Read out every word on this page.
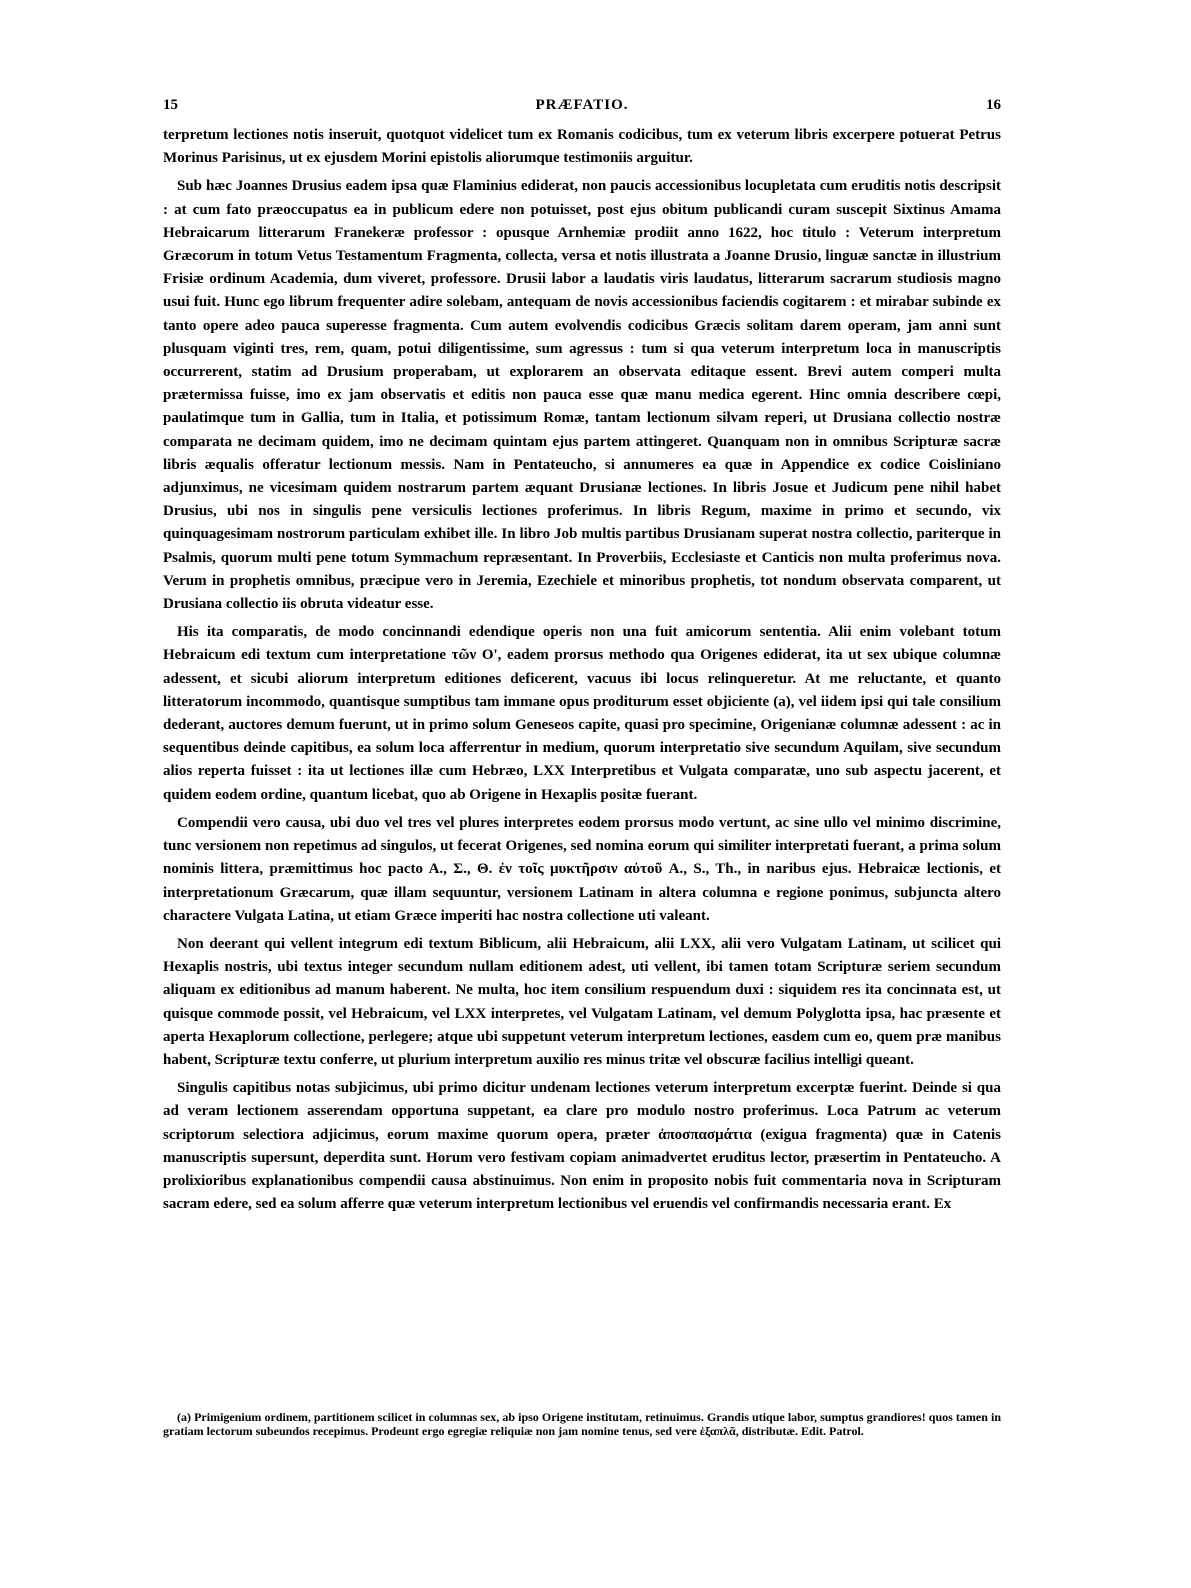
15	PRÆFATIO.	16

terpretum lectiones notis inseruit, quotquot videlicet tum ex Romanis codicibus, tum ex veterum libris excerpere potuerat Petrus Morinus Parisinus, ut ex ejusdem Morini epistolis aliorumque testimoniis arguitur.

Sub hæc Joannes Drusius eadem ipsa quæ Flaminius ediderat, non paucis accessionibus locupletata cum eruditis notis descripsit : at cum fato præoccupatus ea in publicum edere non potuisset, post ejus obitum publicandi curam suscepit Sixtinus Amama Hebraicarum litterarum Franekeræ professor : opusque Arnhemiæ prodiit anno 1622, hoc titulo : Veterum interpretum Græcorum in totum Vetus Testamentum Fragmenta, collecta, versa et notis illustrata a Joanne Drusio, linguæ sanctæ in illustrium Frisiæ ordinum Academia, dum viveret, professore. Drusii labor a laudatis viris laudatus, litterarum sacrarum studiosis magno usui fuit. Hunc ego librum frequenter adire solebam, antequam de novis accessionibus faciendis cogitarem : et mirabar subinde ex tanto opere adeo pauca superesse fragmenta. Cum autem evolvendis codicibus Græcis solitam darem operam, jam anni sunt plusquam viginti tres, rem, quam, potui diligentissime, sum agressus : tum si qua veterum interpretum loca in manuscriptis occurrerent, statim ad Drusium properabam, ut explorarem an observata editaque essent. Brevi autem comperi multa prætermissa fuisse, imo ex jam observatis et editis non pauca esse quæ manu medica egerent. Hinc omnia describere cœpi, paulatimque tum in Gallia, tum in Italia, et potissimum Romæ, tantam lectionum silvam reperi, ut Drusiana collectio nostræ comparata ne decimam quidem, imo ne decimam quintam ejus partem attingeret. Quanquam non in omnibus Scripturæ sacræ libris æqualis offeratur lectionum messis. Nam in Pentateucho, si annumeres ea quæ in Appendice ex codice Coisliniano adjunximus, ne vicesimam quidem nostrarum partem æquant Drusianæ lectiones. In libris Josue et Judicum pene nihil habet Drusius, ubi nos in singulis pene versiculis lectiones proferimus. In libris Regum, maxime in primo et secundo, vix quinquagesimam nostrorum particulam exhibet ille. In libro Job multis partibus Drusianam superat nostra collectio, pariterque in Psalmis, quorum multi pene totum Symmachum repræsentant. In Proverbiis, Ecclesiaste et Canticis non multa proferimus nova. Verum in prophetis omnibus, præcipue vero in Jeremia, Ezechiele et minoribus prophetis, tot nondum observata comparent, ut Drusiana collectio iis obruta videatur esse.

His ita comparatis, de modo concinnandi edendique operis non una fuit amicorum sententia. Alii enim volebant totum Hebraicum edi textum cum interpretatione τῶν Ο', eadem prorsus methodo qua Origenes ediderat, ita ut sex ubique columnæ adessent, et sicubi aliorum interpretum editiones deficerent, vacuus ibi locus relinqueretur. At me reluctante, et quanto litteratorum incommodo, quantisque sumptibus tam immane opus proditurum esset objiciente (a), vel iidem ipsi qui tale consilium dederant, auctores demum fuerunt, ut in primo solum Geneseos capite, quasi pro specimine, Origenianæ columnæ adessent : ac in sequentibus deinde capitibus, ea solum loca afferrentur in medium, quorum interpretatio sive secundum Aquilam, sive secundum alios reperta fuisset : ita ut lectiones illæ cum Hebræo, LXX Interpretibus et Vulgata comparatæ, uno sub aspectu jacerent, et quidem eodem ordine, quantum licebat, quo ab Origene in Hexaplis positæ fuerant.

Compendii vero causa, ubi duo vel tres vel plures interpretes eodem prorsus modo vertunt, ac sine ullo vel minimo discrimine, tunc versionem non repetimus ad singulos, ut fecerat Origenes, sed nomina eorum qui similiter interpretati fuerant, a prima solum nominis littera, præmittimus hoc pacto A., Σ., Θ. ἐν τοῖς μυκτῆρσιν αὐτοῦ A., S., Th., in naribus ejus. Hebraicæ lectionis, et interpretationum Græcarum, quæ illam sequuntur, versionem Latinam in altera columna e regione ponimus, subjuncta altero charactere Vulgata Latina, ut etiam Græce imperiti hac nostra collectione uti valeant.

Non deerant qui vellent integrum edi textum Biblicum, alii Hebraicum, alii LXX, alii vero Vulgatam Latinam, ut scilicet qui Hexaplis nostris, ubi textus integer secundum nullam editionem adest, uti vellent, ibi tamen totam Scripturæ seriem secundum aliquam ex editionibus ad manum haberent. Ne multa, hoc item consilium respuendum duxi : siquidem res ita concinnata est, ut quisque commode possit, vel Hebraicum, vel LXX interpretes, vel Vulgatam Latinam, vel demum Polyglotta ipsa, hac præsente et aperta Hexaplorum collectione, perlegere; atque ubi suppetunt veterum interpretum lectiones, easdem cum eo, quem præ manibus habent, Scripturæ textu conferre, ut plurium interpretum auxilio res minus tritæ vel obscuræ facilius intelligi queant.

Singulis capitibus notas subjicimus, ubi primo dicitur undenam lectiones veterum interpretum excerptæ fuerint. Deinde si qua ad veram lectionem asserendam opportuna suppetant, ea clare pro modulo nostro proferimus. Loca Patrum ac veterum scriptorum selectiora adjicimus, eorum maxime quorum opera, præter ἀποσπασμάτια (exigua fragmenta) quæ in Catenis manuscriptis supersunt, deperdita sunt. Horum vero festivam copiam animadvertet eruditus lector, præsertim in Pentateucho. A prolixioribus explanationibus compendii causa abstinuimus. Non enim in proposito nobis fuit commentaria nova in Scripturam sacram edere, sed ea solum afferre quæ veterum interpretum lectionibus vel eruendis vel confirmandis necessaria erant. Ex

(a) Primigenium ordinem, partitionem scilicet in columnas sex, ab ipso Origene institutam, retinuimus. Grandis utique labor, sumptus grandiores! quos tamen in gratiam lectorum subeundos recepimus. Prodeunt ergo egregiæ reliquiæ non jam nomine tenus, sed vere ἑξαπλᾶ, distributæ. Edit. Patrol.
